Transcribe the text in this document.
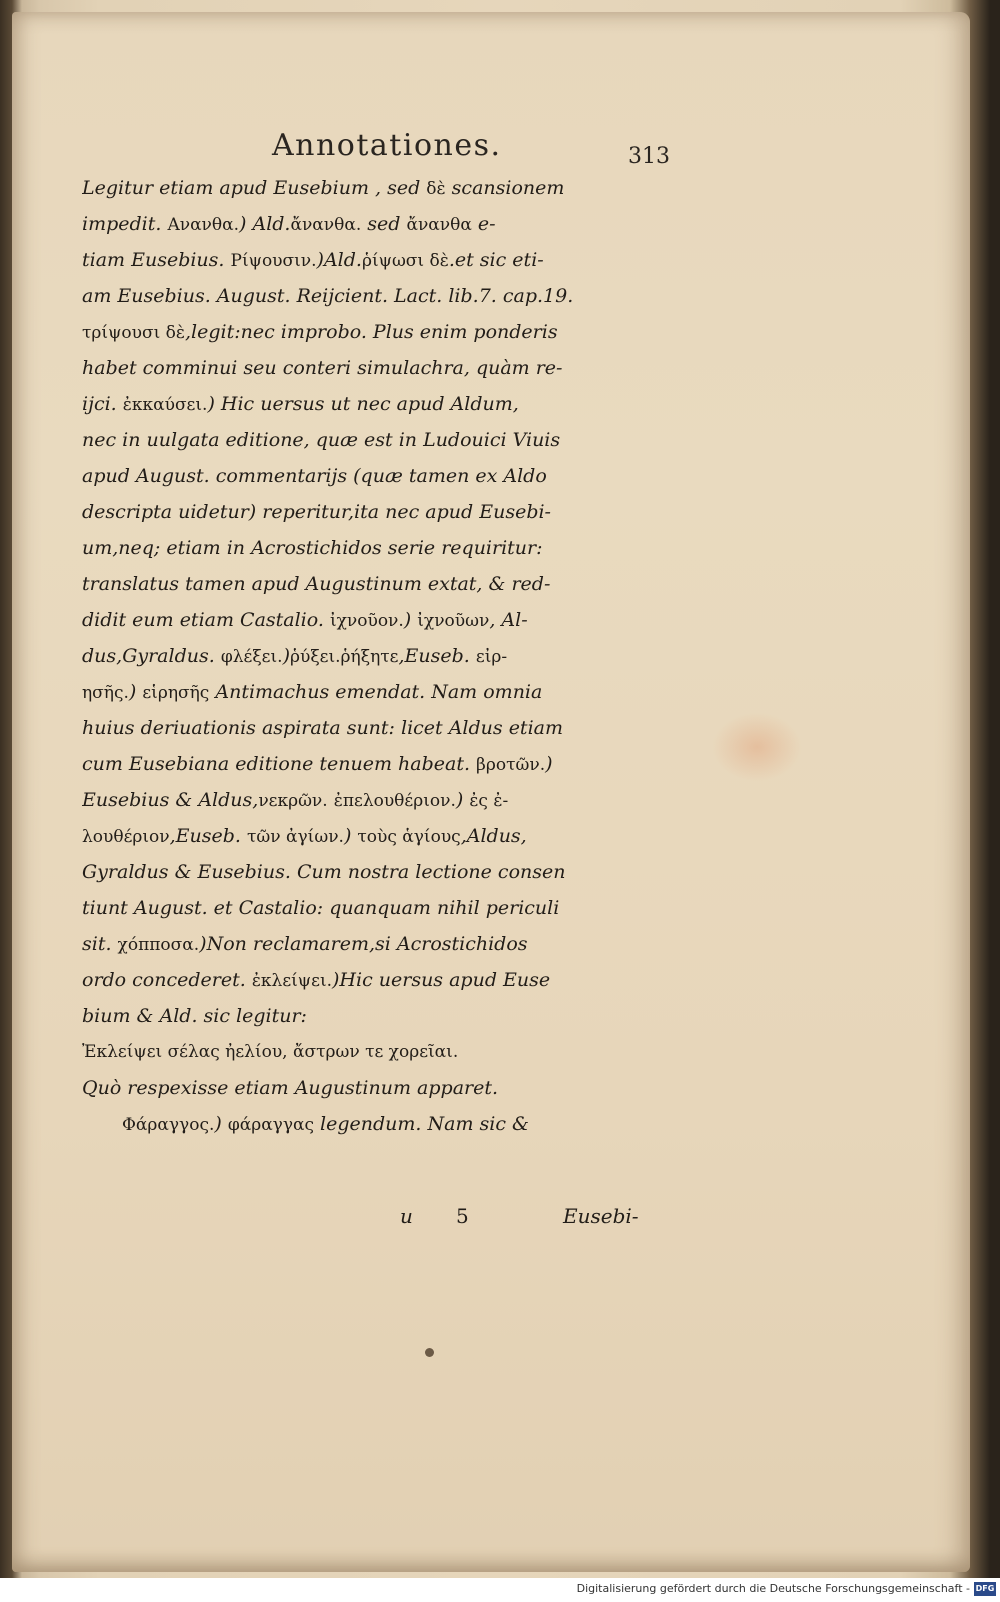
Annotationes.	313
Legitur etiam apud Eusebium , sed δὲ scansionem
impedit. Ανανθα.) Ald.ἄνανθα. sed ἄνανθα e-
tiam Eusebius. Ρίψουσιν.)Ald.ῥίψωσι δὲ.et sic eti-
am Eusebius. August. Reijcient. Lact. lib.7. cap.19.
τρίψουσι δὲ,legit:nec improbo. Plus enim ponderis
habet comminui seu conteri simulachra, quàm re-
ijci. ἐκκαύσει.) Hic uersus ut nec apud Aldum,
nec in uulgata editione, quæ est in Ludouici Viuis
apud August. commentarijs (quæ tamen ex Aldo
descripta uidetur) reperitur,ita nec apud Eusebi-
um,neq; etiam in Acrostichidos serie requiritur:
translatus tamen apud Augustinum extat, & red-
didit eum etiam Castalio. ἰχνοῦον.) ἰχνοῦων, Al-
dus,Gyraldus. φλέξει.)ῥύξει.ῥήξητε,Euseb. εἰρ-
ησῆς.) εἱρησῆς Antimachus emendat. Nam omnia
huius deriuationis aspirata sunt: licet Aldus etiam
cum Eusebiana editione tenuem habeat. βροτῶν.)
Eusebius & Aldus,νεκρῶν. ἐπελουθέριον.) ἐς ἐ-
λουθέριον,Euseb. τῶν ἀγίων.) τοὺς ἁγίους,Aldus,
Gyraldus & Eusebius. Cum nostra lectione consen
tiunt August. et Castalio: quanquam nihil periculi
sit. χόπποσα.)Non reclamarem,si Acrostichidos
ordo concederet. ἐκλείψει.)Hic uersus apud Euse
bium & Ald. sic legitur:
Ἐκλείψει σέλας ἠελίου, ἄστρων τε χορεῖαι.
Quò respexisse etiam Augustinum apparet.
Φάραγγος.) φάραγγας legendum. Nam sic &
u 5	Eusebi-
Digitalisierung gefördert durch die Deutsche Forschungsgemeinschaft - DFG
